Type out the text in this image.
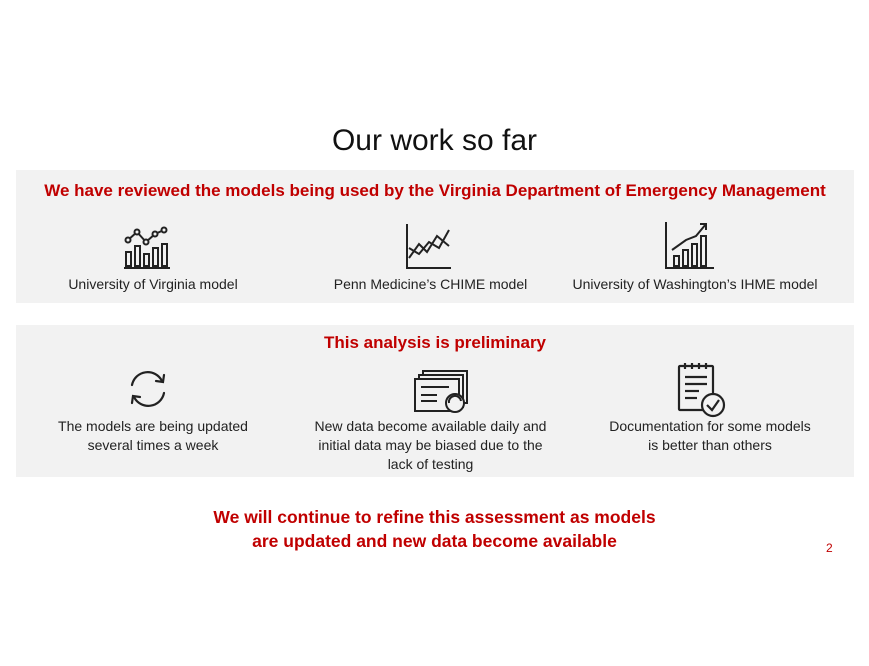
Our work so far
We have reviewed the models being used by the Virginia Department of Emergency Management
University of Virginia model	Penn Medicine’s CHIME model	University of Washington’s IHME model
This analysis is preliminary
The models are being updated
several times a week
New data become available daily and
initial data may be biased due to the
lack of testing
Documentation for some models
is better than others
We will continue to refine this assessment as models
are updated and new data become available	2
